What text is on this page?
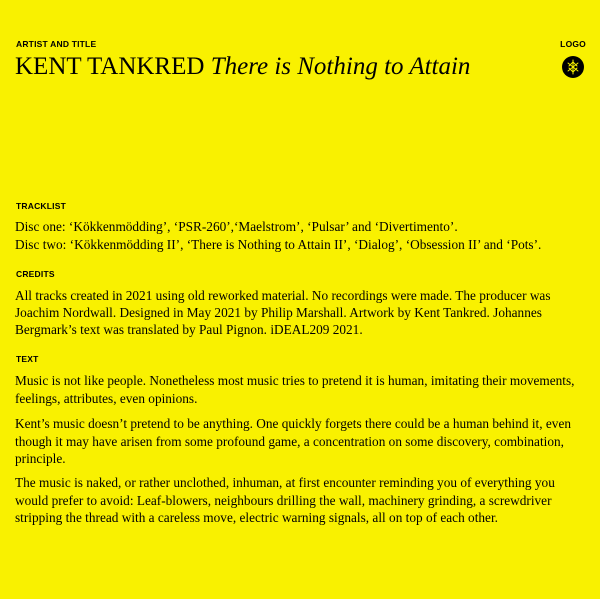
ARTIST AND TITLE	LOGO
KENT TANKRED There is Nothing to Attain
TRACKLIST
Disc one: ‘Kökkenmödding’, ‘PSR-260’,‘Maelstrom’, ‘Pulsar’ and ‘Divertimento’.
Disc two: ‘Kökkenmödding II’, ‘There is Nothing to Attain II’, ‘Dialog’, ‘Obsession II’ and ‘Pots’.
CREDITS

All tracks created in 2021 using old reworked material. No recordings were made. The producer was Joachim Nordwall. Designed in May 2021 by Philip Marshall. Artwork by Kent Tankred. Johannes Bergmark’s text was translated by Paul Pignon. iDEAL209 2021.

TEXT

Music is not like people. Nonetheless most music tries to pretend it is human, imitating their movements, feelings, attributes, even opinions.

Kent’s music doesn’t pretend to be anything. One quickly forgets there could be a human behind it, even though it may have arisen from some profound game, a concentration on some discovery, combination, principle.

The music is naked, or rather unclothed, inhuman, at first encounter reminding you of everything you would prefer to avoid: Leaf-blowers, neighbours drilling the wall, machinery grinding, a screwdriver stripping the thread with a careless move, electric warning signals, all on top of each other.
